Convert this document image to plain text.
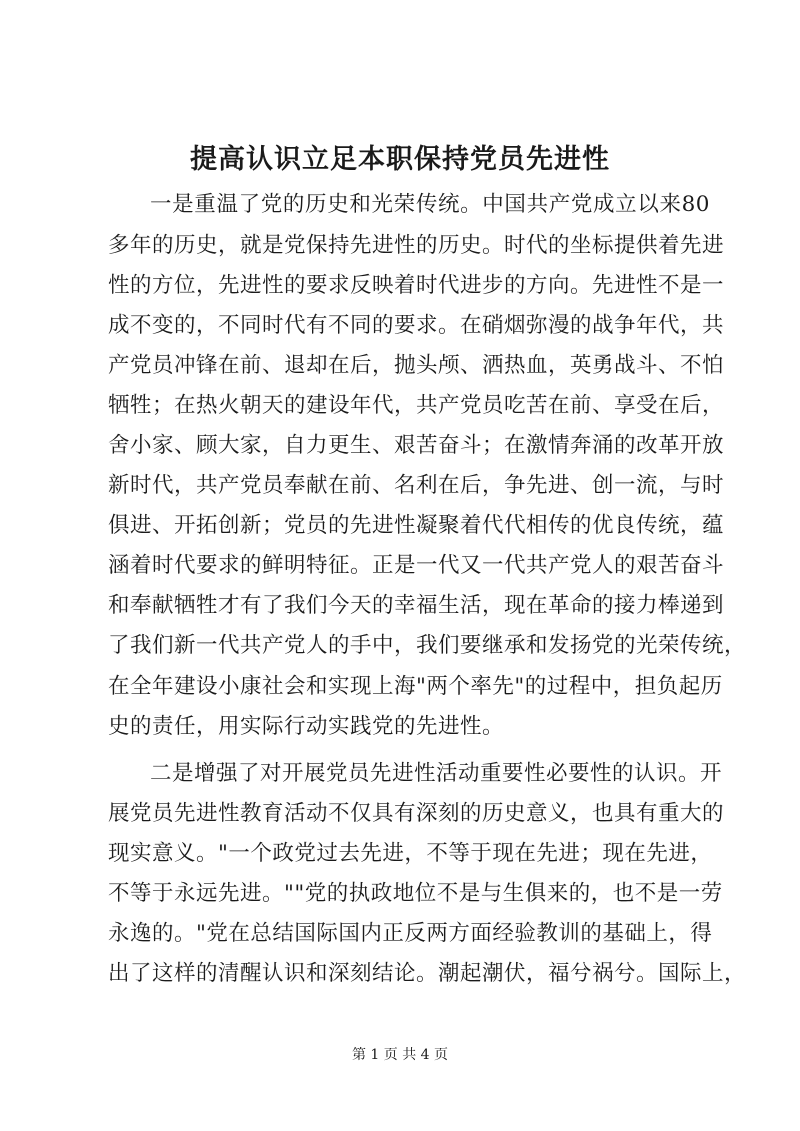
提高认识立足本职保持党员先进性
一是重温了党的历史和光荣传统。中国共产党成立以来80
多年的历史，就是党保持先进性的历史。时代的坐标提供着先进
性的方位，先进性的要求反映着时代进步的方向。先进性不是一
成不变的，不同时代有不同的要求。在硝烟弥漫的战争年代，共
产党员冲锋在前、退却在后，抛头颅、洒热血，英勇战斗、不怕
牺牲；在热火朝天的建设年代，共产党员吃苦在前、享受在后，
舍小家、顾大家，自力更生、艰苦奋斗；在激情奔涌的改革开放
新时代，共产党员奉献在前、名利在后，争先进、创一流，与时
俱进、开拓创新；党员的先进性凝聚着代代相传的优良传统，蕴
涵着时代要求的鲜明特征。正是一代又一代共产党人的艰苦奋斗
和奉献牺牲才有了我们今天的幸福生活，现在革命的接力棒递到
了我们新一代共产党人的手中，我们要继承和发扬党的光荣传统，
在全年建设小康社会和实现上海"两个率先"的过程中，担负起历
史的责任，用实际行动实践党的先进性。
二是增强了对开展党员先进性活动重要性必要性的认识。开
展党员先进性教育活动不仅具有深刻的历史意义，也具有重大的
现实意义。"一个政党过去先进，不等于现在先进；现在先进，
不等于永远先进。""党的执政地位不是与生俱来的，也不是一劳
永逸的。"党在总结国际国内正反两方面经验教训的基础上，得
出了这样的清醒认识和深刻结论。潮起潮伏，福兮祸兮。国际上，
第 1 页 共 4 页
